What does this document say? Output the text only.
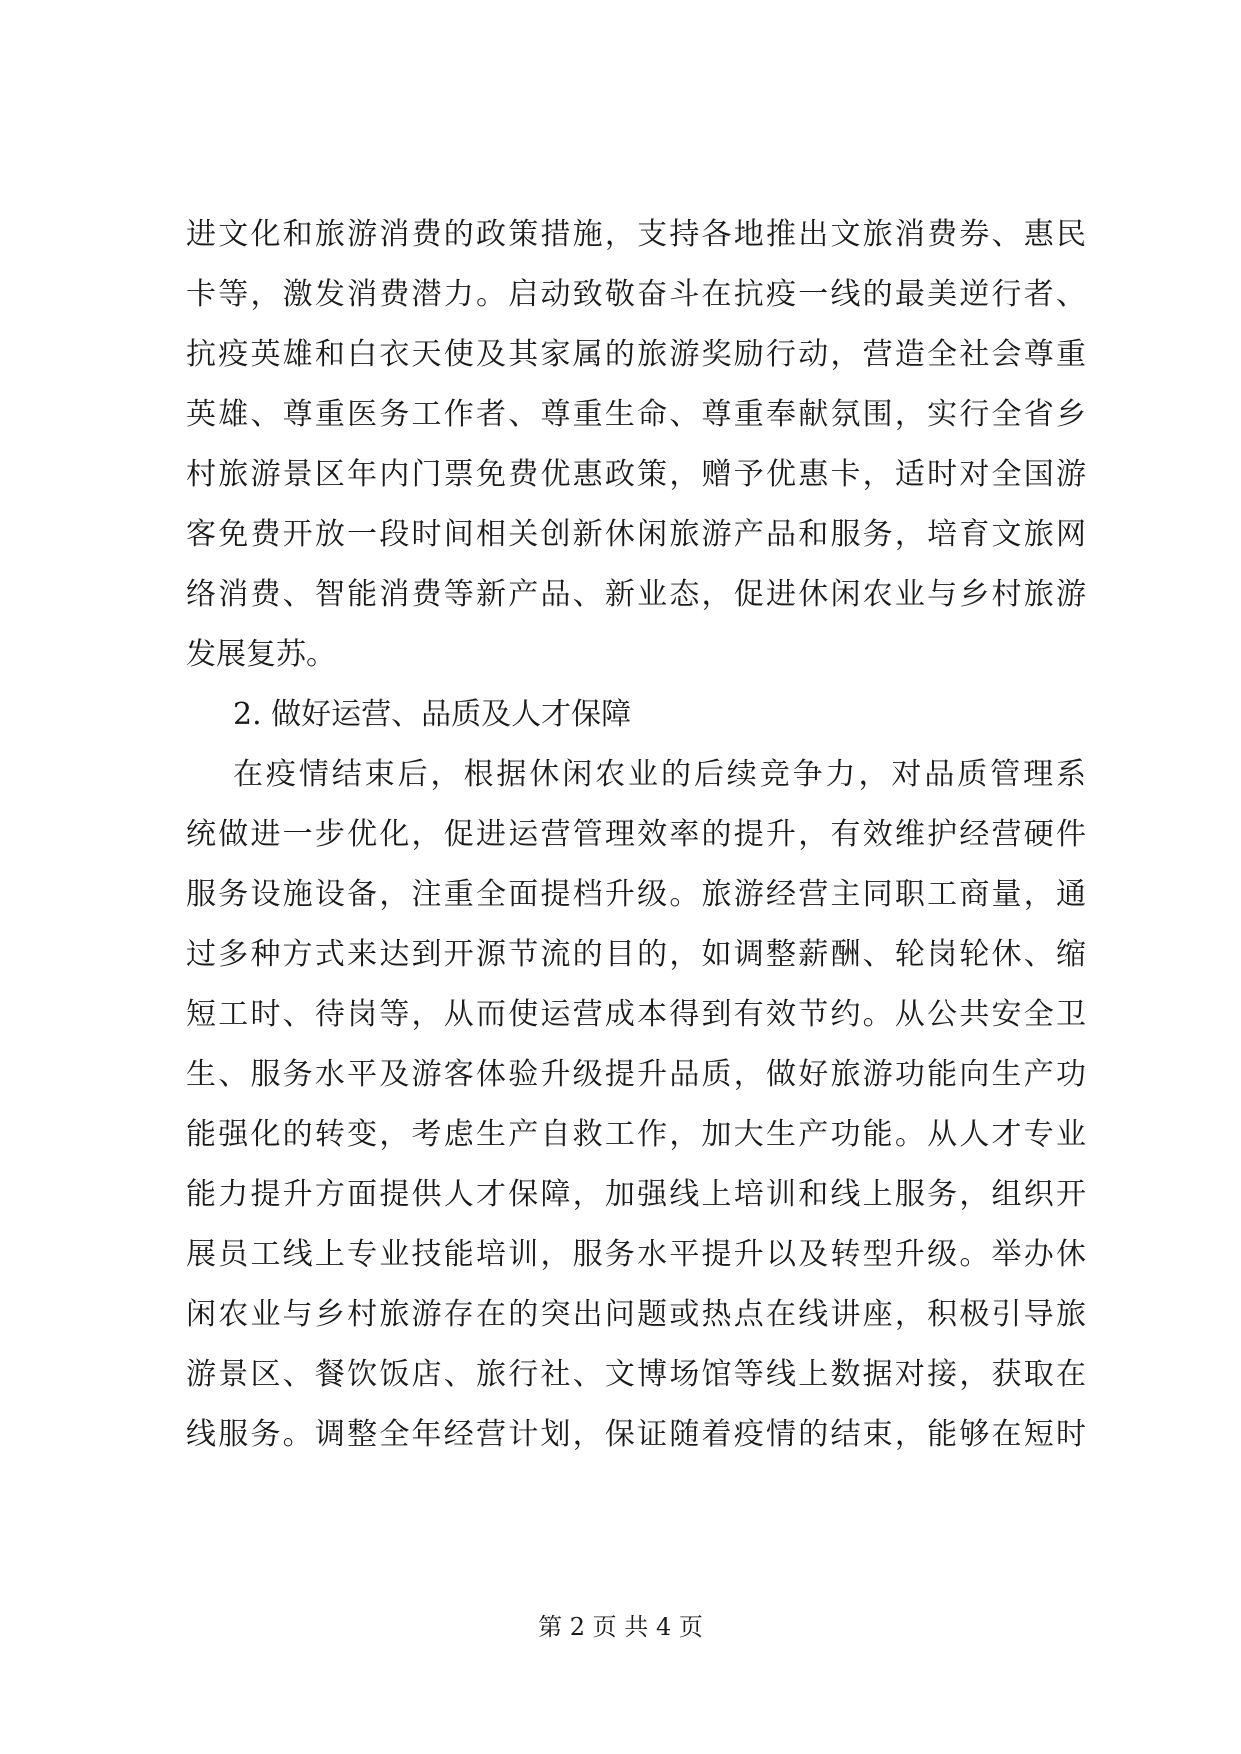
进文化和旅游消费的政策措施，支持各地推出文旅消费券、惠民
卡等，激发消费潜力。启动致敬奋斗在抗疫一线的最美逆行者、
抗疫英雄和白衣天使及其家属的旅游奖励行动，营造全社会尊重
英雄、尊重医务工作者、尊重生命、尊重奉献氛围，实行全省乡
村旅游景区年内门票免费优惠政策，赠予优惠卡，适时对全国游
客免费开放一段时间相关创新休闲旅游产品和服务，培育文旅网
络消费、智能消费等新产品、新业态，促进休闲农业与乡村旅游
发展复苏。
2. 做好运营、品质及人才保障
在疫情结束后，根据休闲农业的后续竞争力，对品质管理系
统做进一步优化，促进运营管理效率的提升，有效维护经营硬件
服务设施设备，注重全面提档升级。旅游经营主同职工商量，通
过多种方式来达到开源节流的目的，如调整薪酬、轮岗轮休、缩
短工时、待岗等，从而使运营成本得到有效节约。从公共安全卫
生、服务水平及游客体验升级提升品质，做好旅游功能向生产功
能强化的转变，考虑生产自救工作，加大生产功能。从人才专业
能力提升方面提供人才保障，加强线上培训和线上服务，组织开
展员工线上专业技能培训，服务水平提升以及转型升级。举办休
闲农业与乡村旅游存在的突出问题或热点在线讲座，积极引导旅
游景区、餐饮饭店、旅行社、文博场馆等线上数据对接，获取在
线服务。调整全年经营计划，保证随着疫情的结束，能够在短时
第 2 页 共 4 页
